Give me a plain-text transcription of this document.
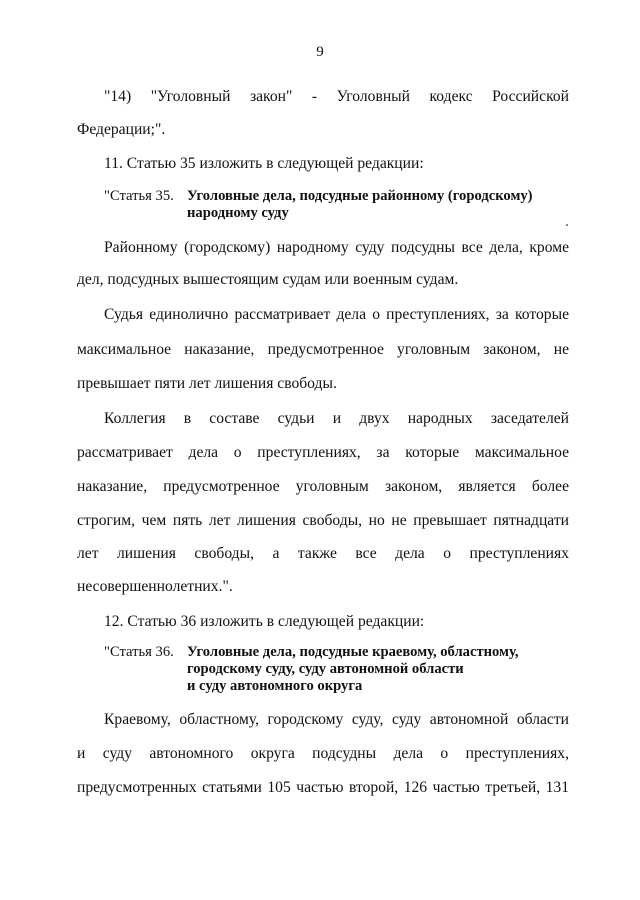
9
"14) "Уголовный закон" - Уголовный кодекс Российской
Федерации;".
11. Статью 35 изложить в следующей редакции:
"Статья 35. Уголовные дела, подсудные районному (городскому)
народному суду
Районному (городскому) народному суду подсудны все дела, кроме
дел, подсудных вышестоящим судам или военным судам.
Судья единолично рассматривает дела о преступлениях, за которые
максимальное наказание, предусмотренное уголовным законом, не
превышает пяти лет лишения свободы.
Коллегия в составе судьи и двух народных заседателей
рассматривает дела о преступлениях, за которые максимальное
наказание, предусмотренное уголовным законом, является более
строгим, чем пять лет лишения свободы, но не превышает пятнадцати
лет лишения свободы, а также все дела о преступлениях
несовершеннолетних.".
12. Статью 36 изложить в следующей редакции:
"Статья 36. Уголовные дела, подсудные краевому, областному,
городскому суду, суду автономной области
и суду автономного округа
Краевому, областному, городскому суду, суду автономной области
и суду автономного округа подсудны дела о преступлениях,
предусмотренных статьями 105 частью второй, 126 частью третьей, 131
